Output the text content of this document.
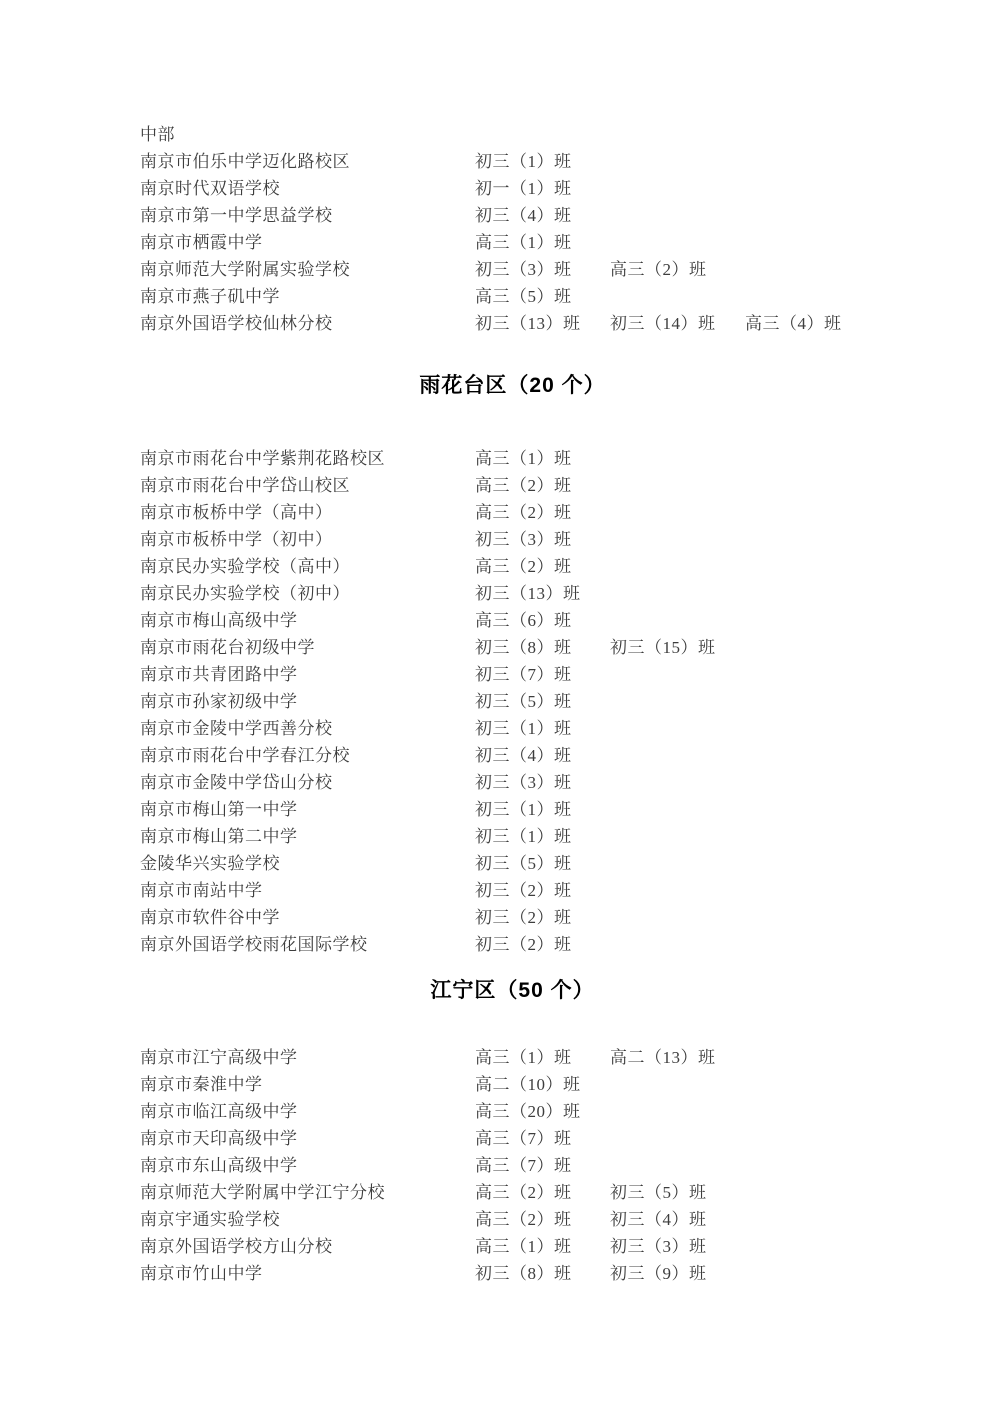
中部
南京市伯乐中学迈化路校区	初三（1）班
南京时代双语学校	初一（1）班
南京市第一中学思益学校	初三（4）班
南京市栖霞中学	高三（1）班
南京师范大学附属实验学校	初三（3）班	高三（2）班
南京市燕子矶中学	高三（5）班
南京外国语学校仙林分校	初三（13）班	初三（14）班	高三（4）班
雨花台区（20 个）
南京市雨花台中学紫荆花路校区	高三（1）班
南京市雨花台中学岱山校区	高三（2）班
南京市板桥中学（高中）	高三（2）班
南京市板桥中学（初中）	初三（3）班
南京民办实验学校（高中）	高三（2）班
南京民办实验学校（初中）	初三（13）班
南京市梅山高级中学	高三（6）班
南京市雨花台初级中学	初三（8）班	初三（15）班
南京市共青团路中学	初三（7）班
南京市孙家初级中学	初三（5）班
南京市金陵中学西善分校	初三（1）班
南京市雨花台中学春江分校	初三（4）班
南京市金陵中学岱山分校	初三（3）班
南京市梅山第一中学	初三（1）班
南京市梅山第二中学	初三（1）班
金陵华兴实验学校	初三（5）班
南京市南站中学	初三（2）班
南京市软件谷中学	初三（2）班
南京外国语学校雨花国际学校	初三（2）班
江宁区（50 个）
南京市江宁高级中学	高三（1）班	高二（13）班
南京市秦淮中学	高二（10）班
南京市临江高级中学	高三（20）班
南京市天印高级中学	高三（7）班
南京市东山高级中学	高三（7）班
南京师范大学附属中学江宁分校	高三（2）班	初三（5）班
南京宇通实验学校	高三（2）班	初三（4）班
南京外国语学校方山分校	高三（1）班	初三（3）班
南京市竹山中学	初三（8）班	初三（9）班
